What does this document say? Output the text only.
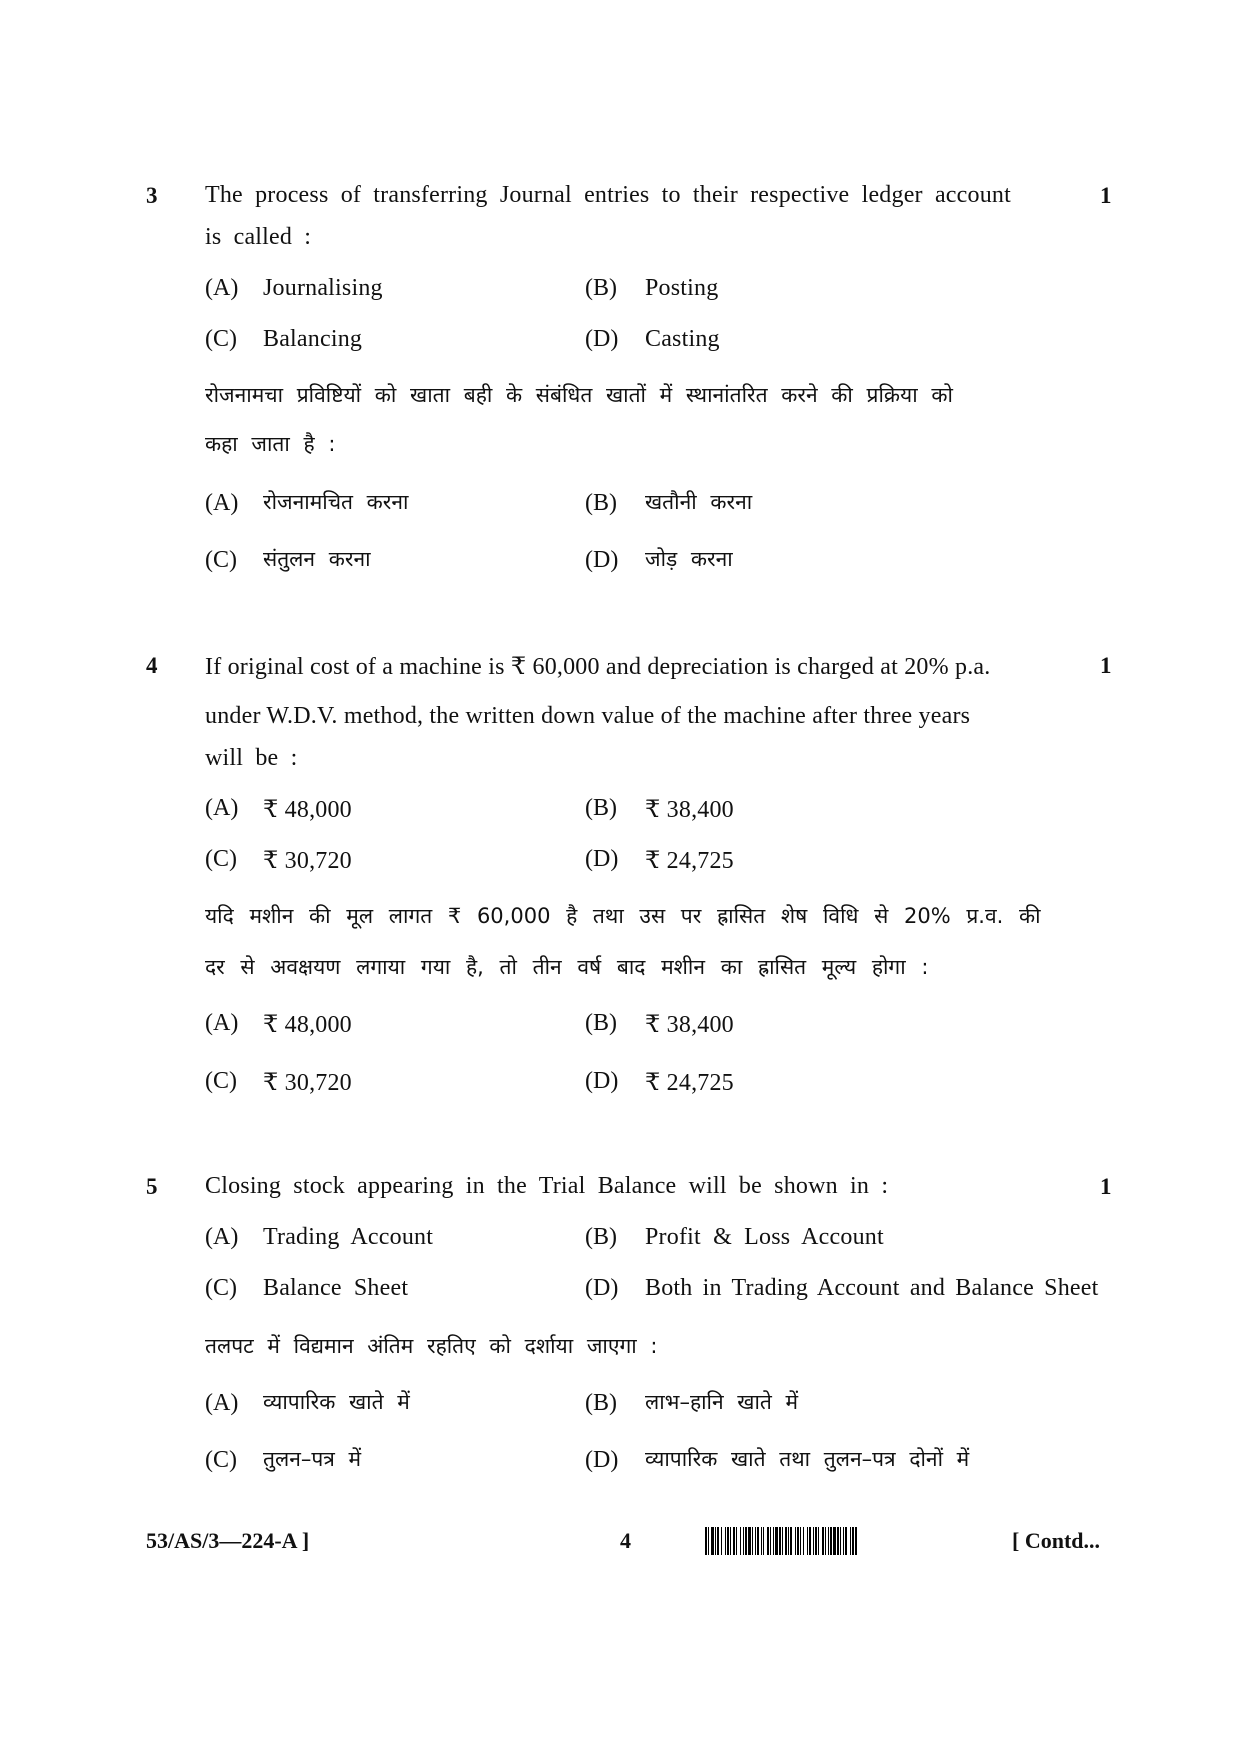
3 The process of transferring Journal entries to their respective ledger account	1
is called :
(A) Journalising	(B) Posting
(C) Balancing	(D) Casting
रोजनामचा प्रविष्टियों को खाता बही के संबंधित खातों में स्थानांतरित करने की प्रक्रिया को
कहा जाता है :
(A) रोजनामचित करना	(B) खतौनी करना
(C) संतुलन करना	(D) जोड़ करना
4 If original cost of a machine is ₹ 60,000 and depreciation is charged at 20% p.a.	1
under W.D.V. method, the written down value of the machine after three years
will be :
(A) ₹ 48,000	(B) ₹ 38,400
(C) ₹ 30,720	(D) ₹ 24,725
यदि मशीन की मूल लागत ₹ 60,000 है तथा उस पर ह्रासित शेष विधि से 20% प्र.व. की
दर से अवक्षयण लगाया गया है, तो तीन वर्ष बाद मशीन का ह्रासित मूल्य होगा :
(A) ₹ 48,000	(B) ₹ 38,400
(C) ₹ 30,720	(D) ₹ 24,725
5 Closing stock appearing in the Trial Balance will be shown in :	1
(A) Trading Account	(B) Profit & Loss Account
(C) Balance Sheet	(D) Both in Trading Account and Balance Sheet
तलपट में विद्यमान अंतिम रहतिए को दर्शाया जाएगा :
(A) व्यापारिक खाते में	(B) लाभ–हानि खाते में
(C) तुलन–पत्र में	(D) व्यापारिक खाते तथा तुलन–पत्र दोनों में
53/AS/3—224-A ]	4	[ Contd...
